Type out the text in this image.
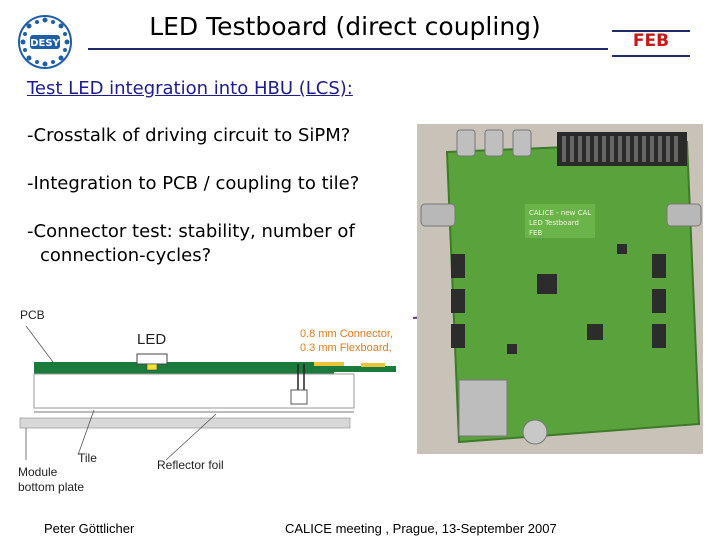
DESY
LED Testboard (direct coupling)	FEB
Test LED integration into HBU (LCS):
-Crosstalk of driving circuit to SiPM?
-Integration to PCB / coupling to tile?
-Connector test: stability, number of
connection-cycles?
PCB
LED	0.8 mm Connector,
0.3 mm Flexboard,
Tile	Reflector foil
Module
bottom plate
CALICE - new CAL
LED Testboard
FEB
Peter Göttlicher	CALICE meeting , Prague, 13-September 2007
